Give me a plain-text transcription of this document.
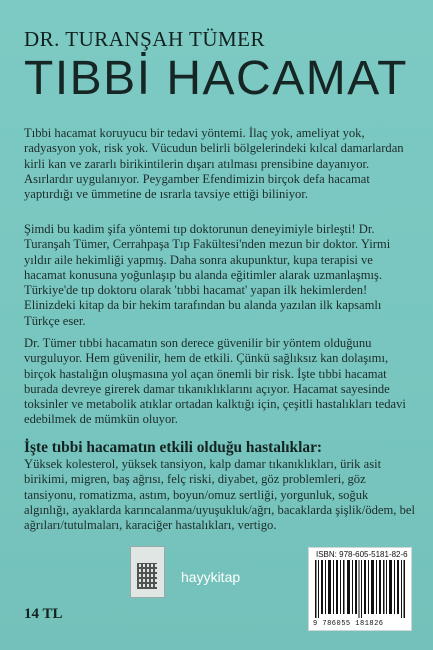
DR. TURANŞAH TÜMER
TIBBİ HACAMAT
Tıbbi hacamat koruyucu bir tedavi yöntemi. İlaç yok, ameliyat yok, radyasyon yok, risk yok. Vücudun belirli bölgelerindeki kılcal damarlardan kirli kan ve zararlı birikintilerin dışarı atılması prensibine dayanıyor. Asırlardır uygulanıyor. Peygamber Efendimizin birçok defa hacamat yaptırdığı ve ümmetine de ısrarla tavsiye ettiği biliniyor.
Şimdi bu kadim şifa yöntemi tıp doktorunun deneyimiyle birleşti! Dr. Turanşah Tümer, Cerrahpaşa Tıp Fakültesi'nden mezun bir doktor. Yirmi yıldır aile hekimliği yapmış. Daha sonra akupunktur, kupa terapisi ve hacamat konusuna yoğunlaşıp bu alanda eğitimler alarak uzmanlaşmış. Türkiye'de tıp doktoru olarak 'tıbbi hacamat' yapan ilk hekimlerden! Elinizdeki kitap da bir hekim tarafından bu alanda yazılan ilk kapsamlı Türkçe eser.
Dr. Tümer tıbbi hacamatın son derece güvenilir bir yöntem olduğunu vurguluyor. Hem güvenilir, hem de etkili. Çünkü sağlıksız kan dolaşımı, birçok hastalığın oluşmasına yol açan önemli bir risk. İşte tıbbi hacamat burada devreye girerek damar tıkanıklıklarını açıyor. Hacamat sayesinde toksinler ve metabolik atıklar ortadan kalktığı için, çeşitli hastalıkları tedavi edebilmek de mümkün oluyor.
İşte tıbbi hacamatın etkili olduğu hastalıklar:
Yüksek kolesterol, yüksek tansiyon, kalp damar tıkanıklıkları, ürik asit birikimi, migren, baş ağrısı, felç riski, diyabet, göz problemleri, göz tansiyonu, romatizma, astım, boyun/omuz sertliği, yorgunluk, soğuk algınlığı, ayaklarda karıncalanma/uyuşukluk/ağrı, bacaklarda şişlik/ödem, bel ağrıları/tutulmaları, karaciğer hastalıkları, vertigo.
hayykitap
ISBN: 978-605-5181-82-6
9 786055 181826
14 TL
